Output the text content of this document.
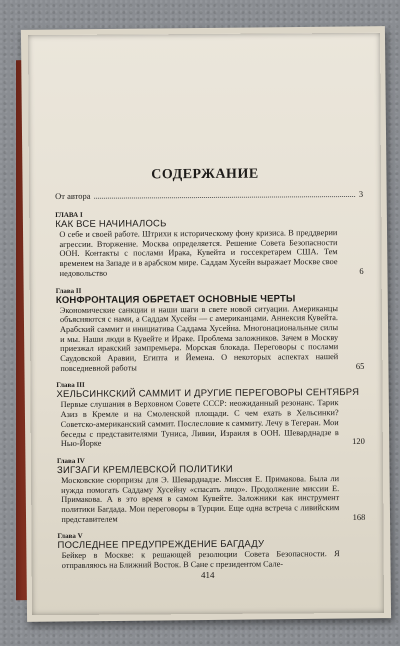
СОДЕРЖАНИЕ
От автора	3
ГЛАВА I
КАК ВСЕ НАЧИНАЛОСЬ
О себе и своей работе. Штрихи к историческому фону кризиса. В преддверии агрессии. Вторжение. Москва определяется. Решение Совета Безопасности ООН. Контакты с послами Ирака, Кувейта и госсекретарем США. Тем временем на Западе и в арабском мире. Саддам Хусейн выражает Москве свое недовольство	6
Глава II
КОНФРОНТАЦИЯ ОБРЕТАЕТ ОСНОВНЫЕ ЧЕРТЫ
Экономические санкции и наши шаги в свете новой ситуации. Американцы объясняются с нами, а Саддам Хусейн — с американцами. Аннексия Кувейта. Арабский саммит и инициатива Саддама Хусейна. Многонациональные силы и мы. Наши люди в Кувейте и Ираке. Проблема заложников. Зачем в Москву приезжал иракский зампремьера. Морская блокада. Переговоры с послами Саудовской Аравии, Египта и Йемена. О некоторых аспектах нашей повседневной работы	65
Глава III
ХЕЛЬСИНКСКИЙ САММИТ И ДРУГИЕ ПЕРЕГОВОРЫ СЕНТЯБРЯ
Первые слушания в Верховном Совете СССР: неожиданный резонанс. Тарик Азиз в Кремле и на Смоленской площади. С чем ехать в Хельсинки? Советско-американский саммит. Послесловие к саммиту. Лечу в Тегеран. Мои беседы с представителями Туниса, Ливии, Израиля в ООН. Шеварднадзе в Нью-Йорке	120
Глава IV
ЗИГЗАГИ КРЕМЛЕВСКОЙ ПОЛИТИКИ
Московские сюрпризы для Э. Шеварднадзе. Миссия Е. Примакова. Была ли нужда помогать Саддаму Хусейну «спасать лицо». Продолжение миссии Е. Примакова. А в это время в самом Кувейте. Заложники как инструмент политики Багдада. Мои переговоры в Турции. Еще одна встреча с ливийским представителем	168
Глава V
ПОСЛЕДНЕЕ ПРЕДУПРЕЖДЕНИЕ БАГДАДУ
Бейкер в Москве: к решающей резолюции Совета Безопасности. Я отправляюсь на Ближний Восток. В Сане с президентом Сале-
414
